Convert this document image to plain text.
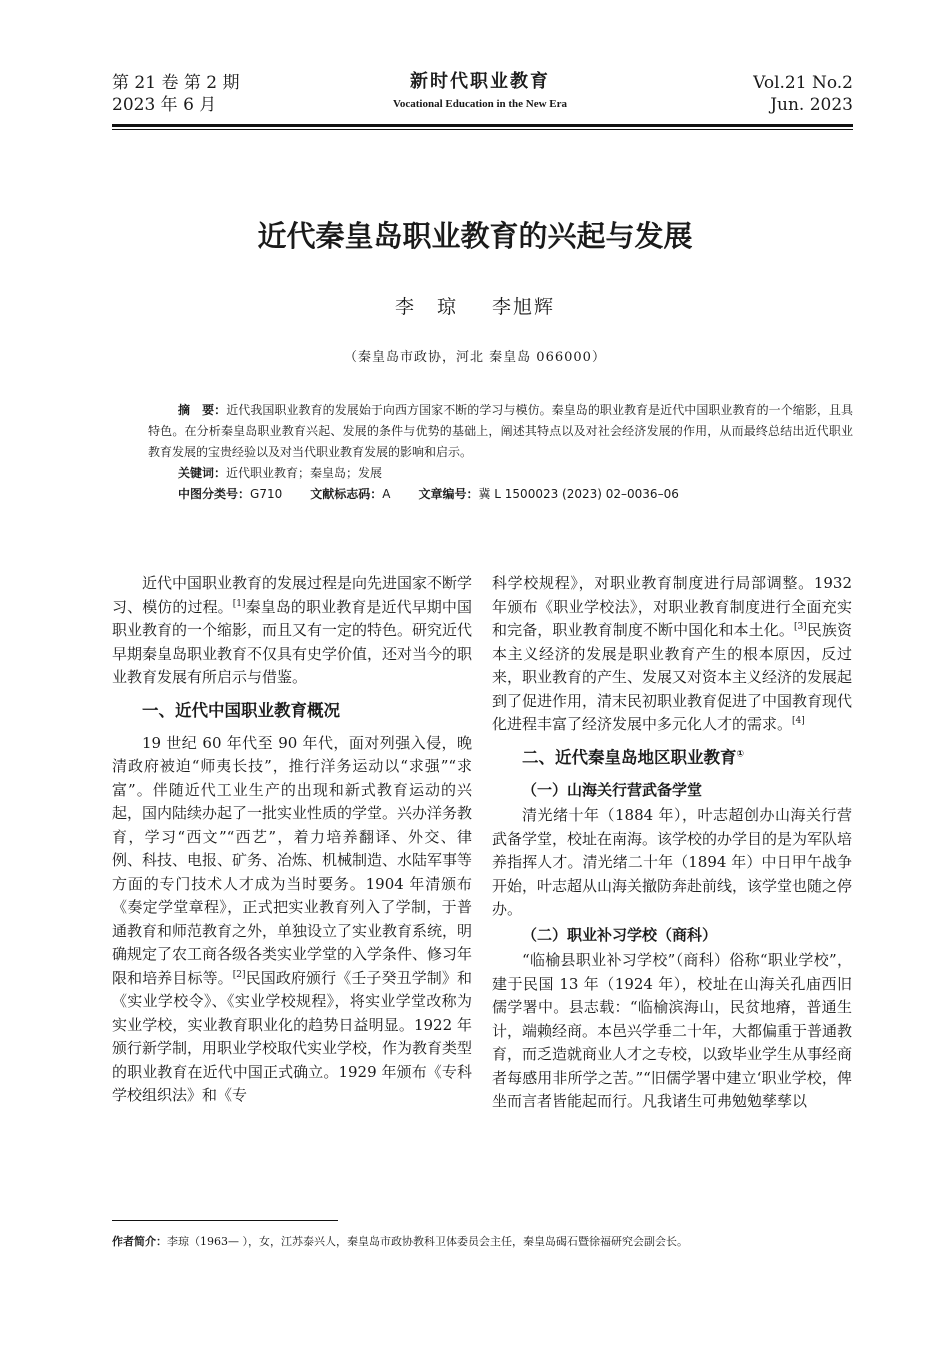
第 21 卷 第 2 期
2023 年 6 月
新时代职业教育
Vocational Education in the New Era
Vol.21 No.2
Jun. 2023
近代秦皇岛职业教育的兴起与发展
李　琼 李旭辉
（秦皇岛市政协，河北 秦皇岛 066000）
摘　要：近代我国职业教育的发展始于向西方国家不断的学习与模仿。秦皇岛的职业教育是近代中国职业教育的一个缩影，且具特色。在分析秦皇岛职业教育兴起、发展的条件与优势的基础上，阐述其特点以及对社会经济发展的作用，从而最终总结出近代职业教育发展的宝贵经验以及对当代职业教育发展的影响和启示。
关键词：近代职业教育；秦皇岛；发展
中图分类号：G710 文献标志码：A 文章编号：冀 L 1500023 (2023) 02–0036–06

近代中国职业教育的发展过程是向先进国家不断学习、模仿的过程。[1]秦皇岛的职业教育是近代早期中国职业教育的一个缩影，而且又有一定的特色。研究近代早期秦皇岛职业教育不仅具有史学价值，还对当今的职业教育发展有所启示与借鉴。

一、近代中国职业教育概况

19 世纪 60 年代至 90 年代，面对列强入侵，晚清政府被迫“师夷长技”，推行洋务运动以“求强”“求富”。伴随近代工业生产的出现和新式教育运动的兴起，国内陆续办起了一批实业性质的学堂。兴办洋务教育，学习“西文”“西艺”，着力培养翻译、外交、律例、科技、电报、矿务、冶炼、机械制造、水陆军事等方面的专门技术人才成为当时要务。1904 年清颁布《奏定学堂章程》，正式把实业教育列入了学制，于普通教育和师范教育之外，单独设立了实业教育系统，明确规定了农工商各级各类实业学堂的入学条件、修习年限和培养目标等。[2]民国政府颁行《壬子癸丑学制》和《实业学校令》、《实业学校规程》，将实业学堂改称为实业学校，实业教育职业化的趋势日益明显。1922 年颁行新学制，用职业学校取代实业学校，作为教育类型的职业教育在近代中国正式确立。1929 年颁布《专科学校组织法》和《专

科学校规程》，对职业教育制度进行局部调整。1932 年颁布《职业学校法》，对职业教育制度进行全面充实和完备，职业教育制度不断中国化和本土化。[3]民族资本主义经济的发展是职业教育产生的根本原因，反过来，职业教育的产生、发展又对资本主义经济的发展起到了促进作用，清末民初职业教育促进了中国教育现代化进程丰富了经济发展中多元化人才的需求。[4]

二、近代秦皇岛地区职业教育①
（一）山海关行营武备学堂

清光绪十年（1884 年），叶志超创办山海关行营武备学堂，校址在南海。该学校的办学目的是为军队培养指挥人才。清光绪二十年（1894 年）中日甲午战争开始，叶志超从山海关撤防奔赴前线，该学堂也随之停办。

（二）职业补习学校（商科）

“临榆县职业补习学校”（商科）俗称“职业学校”，建于民国 13 年（1924 年），校址在山海关孔庙西旧儒学署中。县志载：“临榆滨海山，民贫地瘠，普通生计，端赖经商。本邑兴学垂二十年，大都偏重于普通教育，而乏造就商业人才之专校，以致毕业学生从事经商者每感用非所学之苦。”“旧儒学署中建立‘职业学校，俾坐而言者皆能起而行。凡我诸生可弗勉勉孳孳以

作者简介：李琼（1963— ），女，江苏泰兴人，秦皇岛市政协教科卫体委员会主任，秦皇岛碣石暨徐福研究会副会长。
